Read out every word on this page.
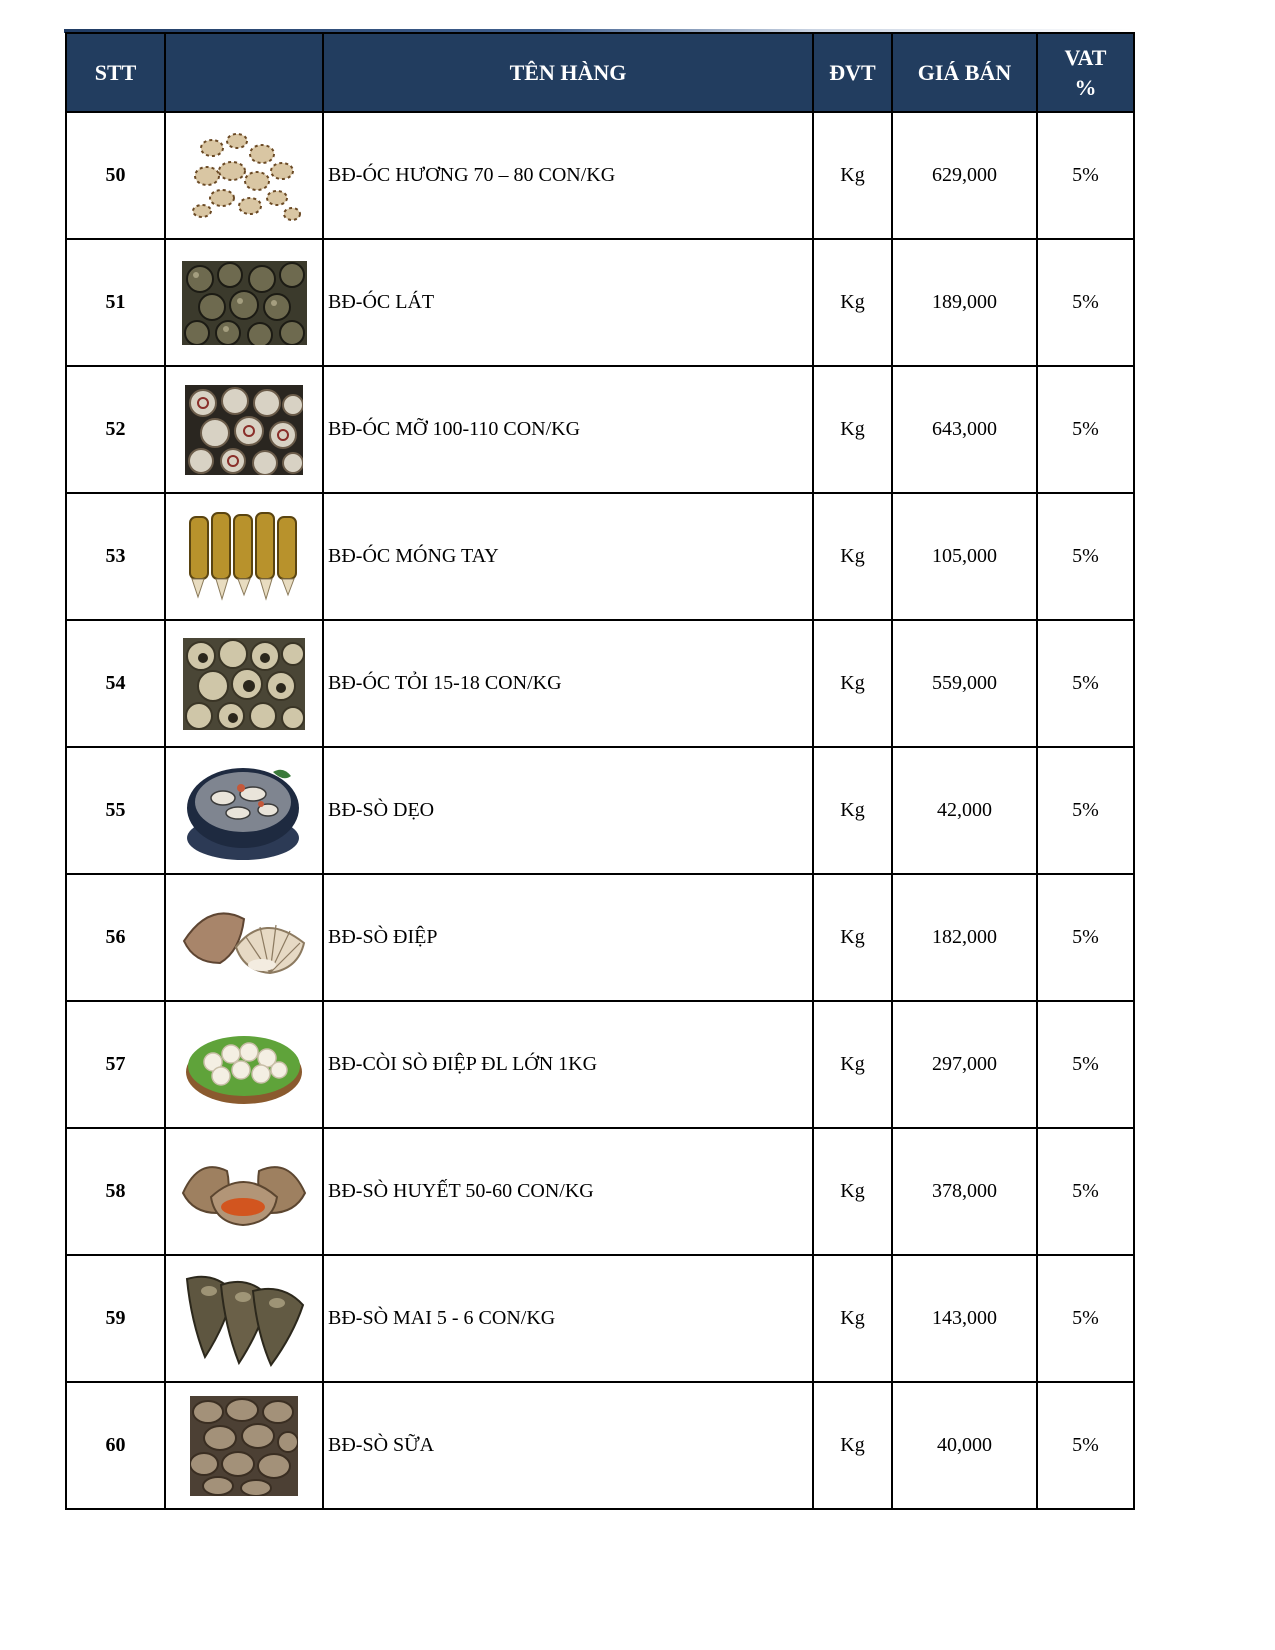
STT		TÊN HÀNG	ĐVT	GIÁ BÁN	VAT
%
50		BĐ-ÓC HƯƠNG 70 – 80 CON/KG	Kg	629,000	5%
51		BĐ-ÓC LÁT	Kg	189,000	5%
52		BĐ-ÓC MỠ 100-110 CON/KG	Kg	643,000	5%
53		BĐ-ÓC MÓNG TAY	Kg	105,000	5%
54		BĐ-ÓC TỎI 15-18 CON/KG	Kg	559,000	5%
55		BĐ-SÒ DẸO	Kg	42,000	5%
56		BĐ-SÒ ĐIỆP	Kg	182,000	5%
57		BĐ-CÒI SÒ ĐIỆP ĐL LỚN 1KG	Kg	297,000	5%
58		BĐ-SÒ HUYẾT 50-60 CON/KG	Kg	378,000	5%
59		BĐ-SÒ MAI 5 - 6 CON/KG	Kg	143,000	5%
60		BĐ-SÒ SỮA	Kg	40,000	5%
